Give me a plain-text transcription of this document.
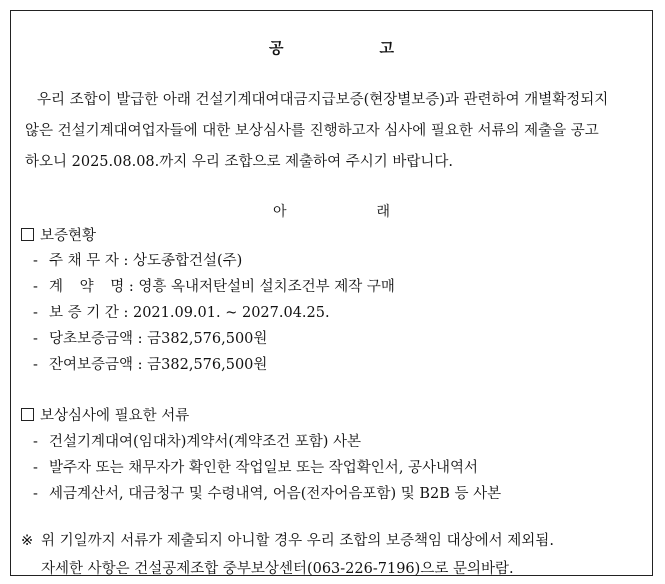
공	고
우리 조합이 발급한 아래 건설기계대여대금지급보증(현장별보증)과 관련하여 개별확정되지
않은 건설기계대여업자들에 대한 보상심사를 진행하고자 심사에 필요한 서류의 제출을 공고
하오니 2025.08.08.까지 우리 조합으로 제출하여 주시기 바랍니다.
아	래
보증현황
- 주 채 무 자 : 상도종합건설(주)
- 계 약 명 : 영흥 옥내저탄설비 설치조건부 제작 구매
- 보 증 기 간 : 2021.09.01. ~ 2027.04.25.
- 당초보증금액 : 금382,576,500원
- 잔여보증금액 : 금382,576,500원
보상심사에 필요한 서류
- 건설기계대여(임대차)계약서(계약조건 포함) 사본
- 발주자 또는 채무자가 확인한 작업일보 또는 작업확인서, 공사내역서
- 세금계산서, 대금청구 및 수령내역, 어음(전자어음포함) 및 B2B 등 사본
※ 위 기일까지 서류가 제출되지 아니할 경우 우리 조합의 보증책임 대상에서 제외됨.
자세한 사항은 건설공제조합 중부보상센터(063-226-7196)으로 문의바람.
